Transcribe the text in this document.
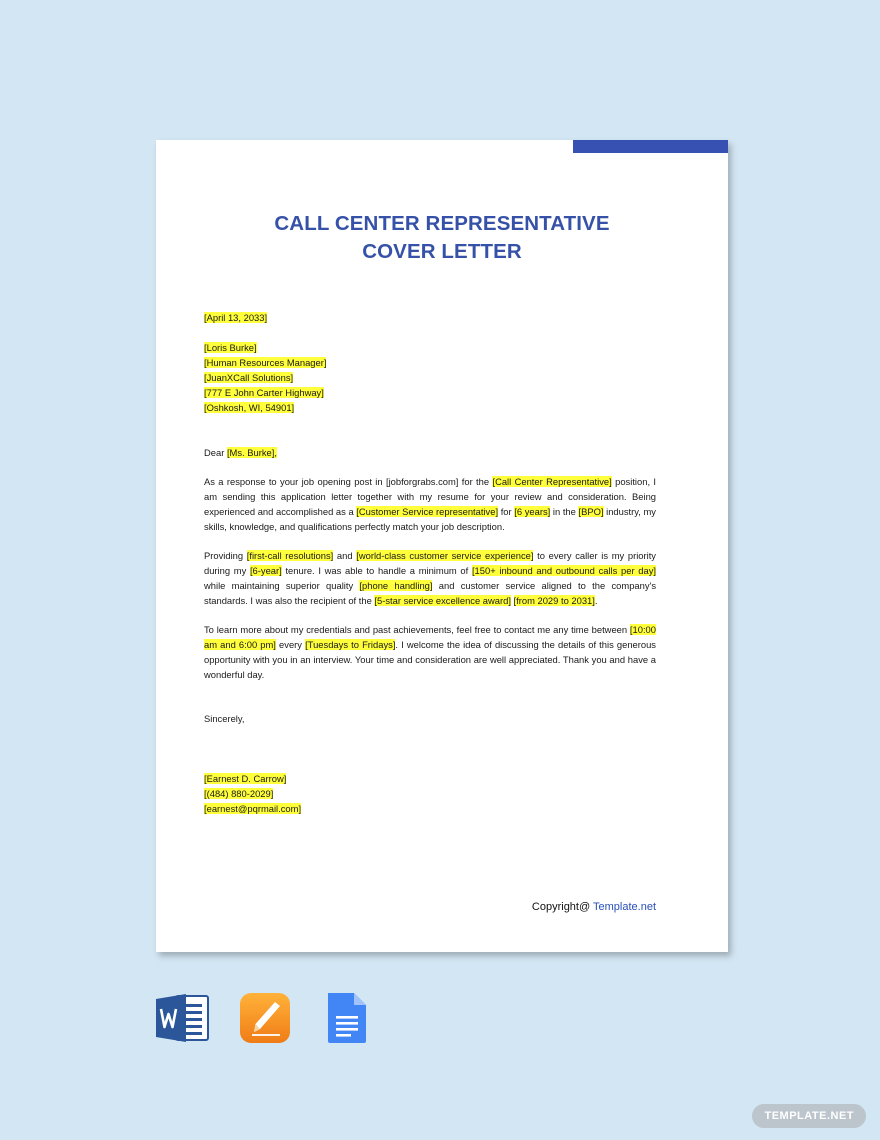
CALL CENTER REPRESENTATIVE
COVER LETTER
[April 13, 2033]
[Loris Burke]
[Human Resources Manager]
[JuanXCall Solutions]
[777 E John Carter Highway]
[Oshkosh, WI, 54901]

Dear [Ms. Burke],

As a response to your job opening post in [jobforgrabs.com] for the [Call Center Representative] position, I am sending this application letter together with my resume for your review and consideration. Being experienced and accomplished as a [Customer Service representative] for [6 years] in the [BPO] industry, my skills, knowledge, and qualifications perfectly match your job description.

Providing [first-call resolutions] and [world-class customer service experience] to every caller is my priority during my [6-year] tenure. I was able to handle a minimum of [150+ inbound and outbound calls per day] while maintaining superior quality [phone handling] and customer service aligned to the company's standards. I was also the recipient of the [5-star service excellence award] [from 2029 to 2031].

To learn more about my credentials and past achievements, feel free to contact me any time between [10:00 am and 6:00 pm] every [Tuesdays to Fridays]. I welcome the idea of discussing the details of this generous opportunity with you in an interview. Your time and consideration are well appreciated. Thank you and have a wonderful day.

Sincerely,
[Earnest D. Carrow]
[(484) 880-2029]
[earnest@pqrmail.com]
Copyright@ Template.net
TEMPLATE.NET
